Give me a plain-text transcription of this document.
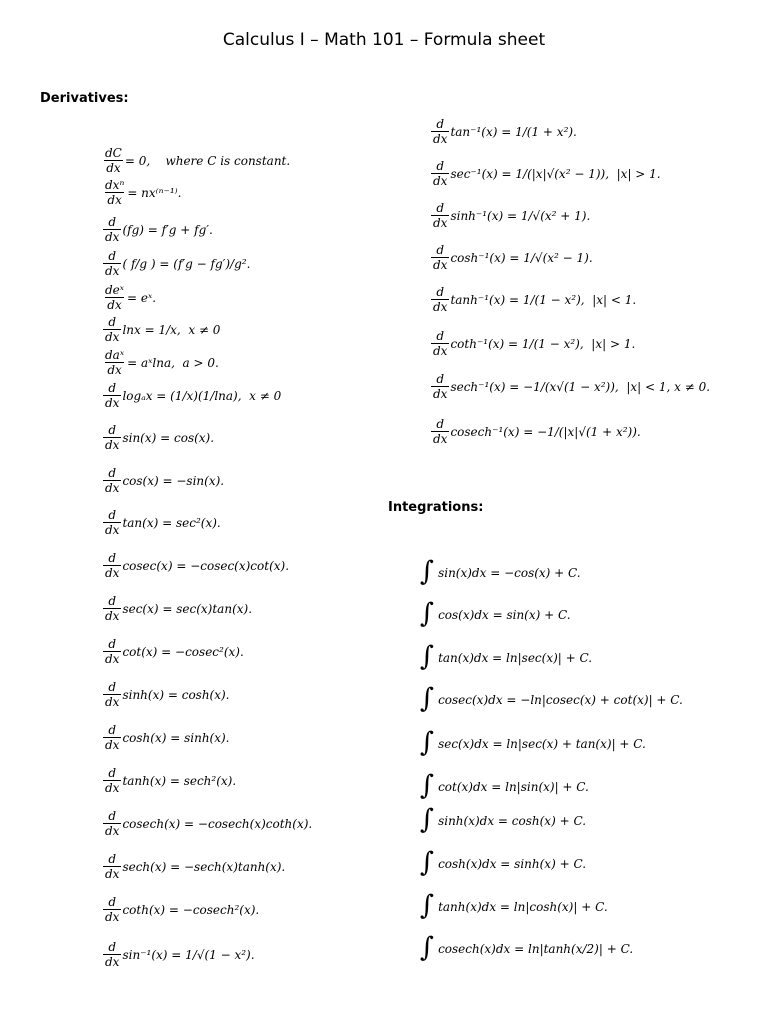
Calculus I – Math 101 – Formula sheet
Derivatives:
Integrations:
$\frac{dC}{dx} = 0$,    where C is constant.
dxⁿ
dx
= nx⁽ⁿ⁻¹⁾.
$\frac{d}{dx} (fg) = f'g + fg'$.
$\frac{d}{dx}$ ( f/g ) = (f′g − fg′)/g².
deˣ
dx
= eˣ.
$\frac{d}{dx}$ lnx = 1/x,  x ≠ 0
daˣ
dx
= aˣlna,  a > 0.
$\frac{d}{dx}$ logₐx = (1/x)(1/lna),  x ≠ 0
$\frac{d}{dx} \sin(x) = \cos(x)$.
$\frac{d}{dx} \cos(x) = -\sin(x)$.
$\frac{d}{dx} \tan(x) = \sec^2(x)$.
$\frac{d}{dx} cosec(x) = -cosec(x)\cot(x)$.
$\frac{d}{dx} \sec(x) = \sec(x)\tan(x)$.
$\frac{d}{dx} \cot(x) = -cosec^2(x)$.
$\frac{d}{dx} \sinh(x) = \cosh(x)$.
$\frac{d}{dx} \cosh(x) = \sinh(x)$.
$\frac{d}{dx} \tanh(x) = \sec h^2(x)$.
$\frac{d}{dx} cosech(x) = -cosech(x)\cot h(x)$.
$\frac{d}{dx} \sec h(x) = -\sec h(x)\tanh(x)$.
$\frac{d}{dx} \cot h(x) = -cosech^2(x)$.
$\frac{d}{dx} \sin^{-1}(x) = 1/√(1 - x^2)$.
$\frac{d}{dx} \tan^{-1}(x) = 1/(1 + x^2)$.
$\frac{d}{dx} \sec^{-1}(x) = 1/(|x|√(x^2 - 1))$,  |x| > 1.
$\frac{d}{dx} \sinh^{-1}(x) = 1/√(x^2 + 1)$.
$\frac{d}{dx} \cosh^{-1}(x) = 1/√(x^2 - 1)$.
$\frac{d}{dx} \tanh^{-1}(x) = 1/(1 - x^2)$,  |x| < 1.
$\frac{d}{dx} \cot h^{-1}(x) = 1/(1 - x^2)$,  |x| > 1.
$\frac{d}{dx} \sec h^{-1}(x) = -1/(x√(1 - x^2))$,  |x| < 1, x ≠ 0.
$\frac{d}{dx} cosech^{-1}(x) = -1/(|x|√(1 + x^2))$.
∫ sin(x)dx = −cos(x) + C.
∫ cos(x)dx = sin(x) + C.
∫ tan(x)dx = ln|sec(x)| + C.
∫ cosec(x)dx = −ln|cosec(x) + cot(x)| + C.
∫ sec(x)dx = ln|sec(x) + tan(x)| + C.
∫ cot(x)dx = ln|sin(x)| + C.
∫ sinh(x)dx = cosh(x) + C.
∫ cosh(x)dx = sinh(x) + C.
∫ tanh(x)dx = ln|cosh(x)| + C.
∫ cosech(x)dx = ln|tanh(x/2)| + C.
